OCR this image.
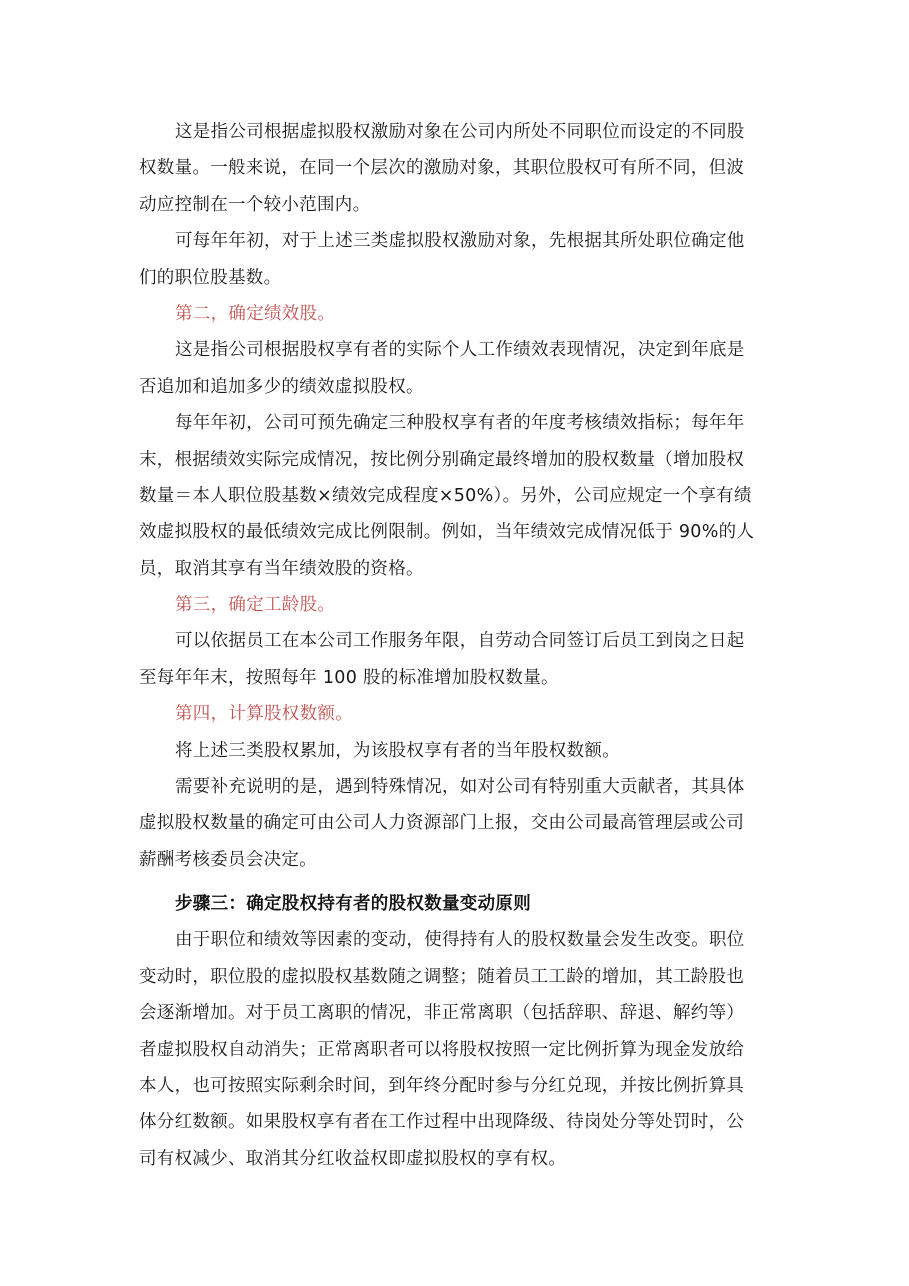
这是指公司根据虚拟股权激励对象在公司内所处不同职位而设定的不同股
权数量。一般来说，在同一个层次的激励对象，其职位股权可有所不同，但波
动应控制在一个较小范围内。
可每年年初，对于上述三类虚拟股权激励对象，先根据其所处职位确定他
们的职位股基数。
第二，确定绩效股。
这是指公司根据股权享有者的实际个人工作绩效表现情况，决定到年底是
否追加和追加多少的绩效虚拟股权。
每年年初，公司可预先确定三种股权享有者的年度考核绩效指标；每年年
末，根据绩效实际完成情况，按比例分别确定最终增加的股权数量（增加股权
数量＝本人职位股基数×绩效完成程度×50%）。另外，公司应规定一个享有绩
效虚拟股权的最低绩效完成比例限制。例如，当年绩效完成情况低于 90%的人
员，取消其享有当年绩效股的资格。
第三，确定工龄股。
可以依据员工在本公司工作服务年限，自劳动合同签订后员工到岗之日起
至每年年末，按照每年 100 股的标准增加股权数量。
第四，计算股权数额。
将上述三类股权累加，为该股权享有者的当年股权数额。
需要补充说明的是，遇到特殊情况，如对公司有特别重大贡献者，其具体
虚拟股权数量的确定可由公司人力资源部门上报，交由公司最高管理层或公司
薪酬考核委员会决定。
步骤三：确定股权持有者的股权数量变动原则
由于职位和绩效等因素的变动，使得持有人的股权数量会发生改变。职位
变动时，职位股的虚拟股权基数随之调整；随着员工工龄的增加，其工龄股也
会逐渐增加。对于员工离职的情况，非正常离职（包括辞职、辞退、解约等）
者虚拟股权自动消失；正常离职者可以将股权按照一定比例折算为现金发放给
本人，也可按照实际剩余时间，到年终分配时参与分红兑现，并按比例折算具
体分红数额。如果股权享有者在工作过程中出现降级、待岗处分等处罚时，公
司有权减少、取消其分红收益权即虚拟股权的享有权。
